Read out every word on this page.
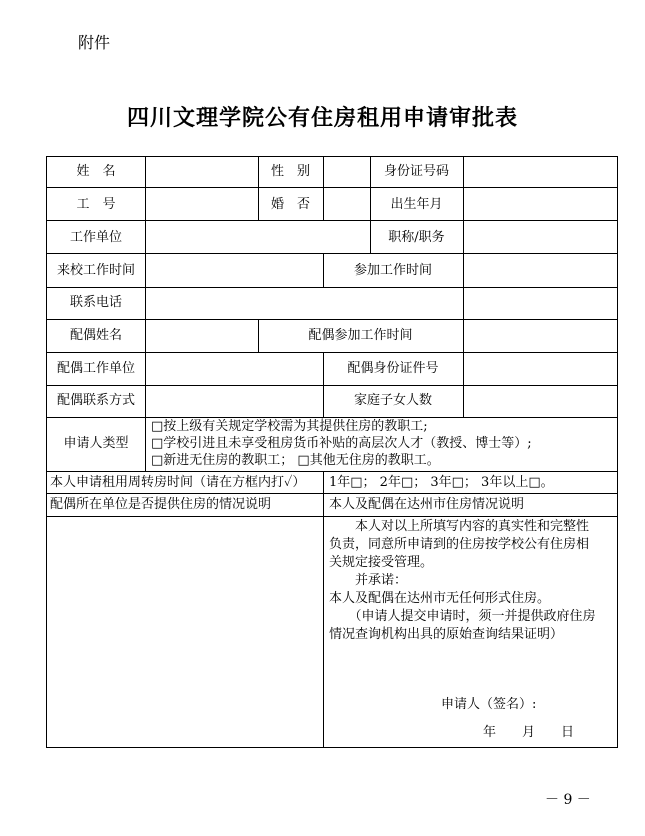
附件
四川文理学院公有住房租用申请审批表
姓　名	性　别	身份证号码
工　号	婚　否	出生年月
工作单位	职称/职务
来校工作时间	参加工作时间
联系电话
配偶姓名	配偶参加工作时间
配偶工作单位	配偶身份证件号
配偶联系方式	家庭子女人数
申请人类型
□按上级有关规定学校需为其提供住房的教职工;
□学校引进且未享受租房货币补贴的高层次人才（教授、博士等）;
□新进无住房的教职工； □其他无住房的教职工。
本人申请租用周转房时间（请在方框内打✓） 1年□； 2年□； 3年□； 3年以上□。
配偶所在单位是否提供住房的情况说明	本人及配偶在达州市住房情况说明
　　本人对以上所填写内容的真实性和完整性
负责，同意所申请到的住房按学校公有住房相
关规定接受管理。
　　并承诺：
本人及配偶在达州市无任何形式住房。
　　（申请人提交申请时，须一并提供政府住房
情况查询机构出具的原始查询结果证明）
申请人（签名）:
年　　月　　日
－ 9 －
